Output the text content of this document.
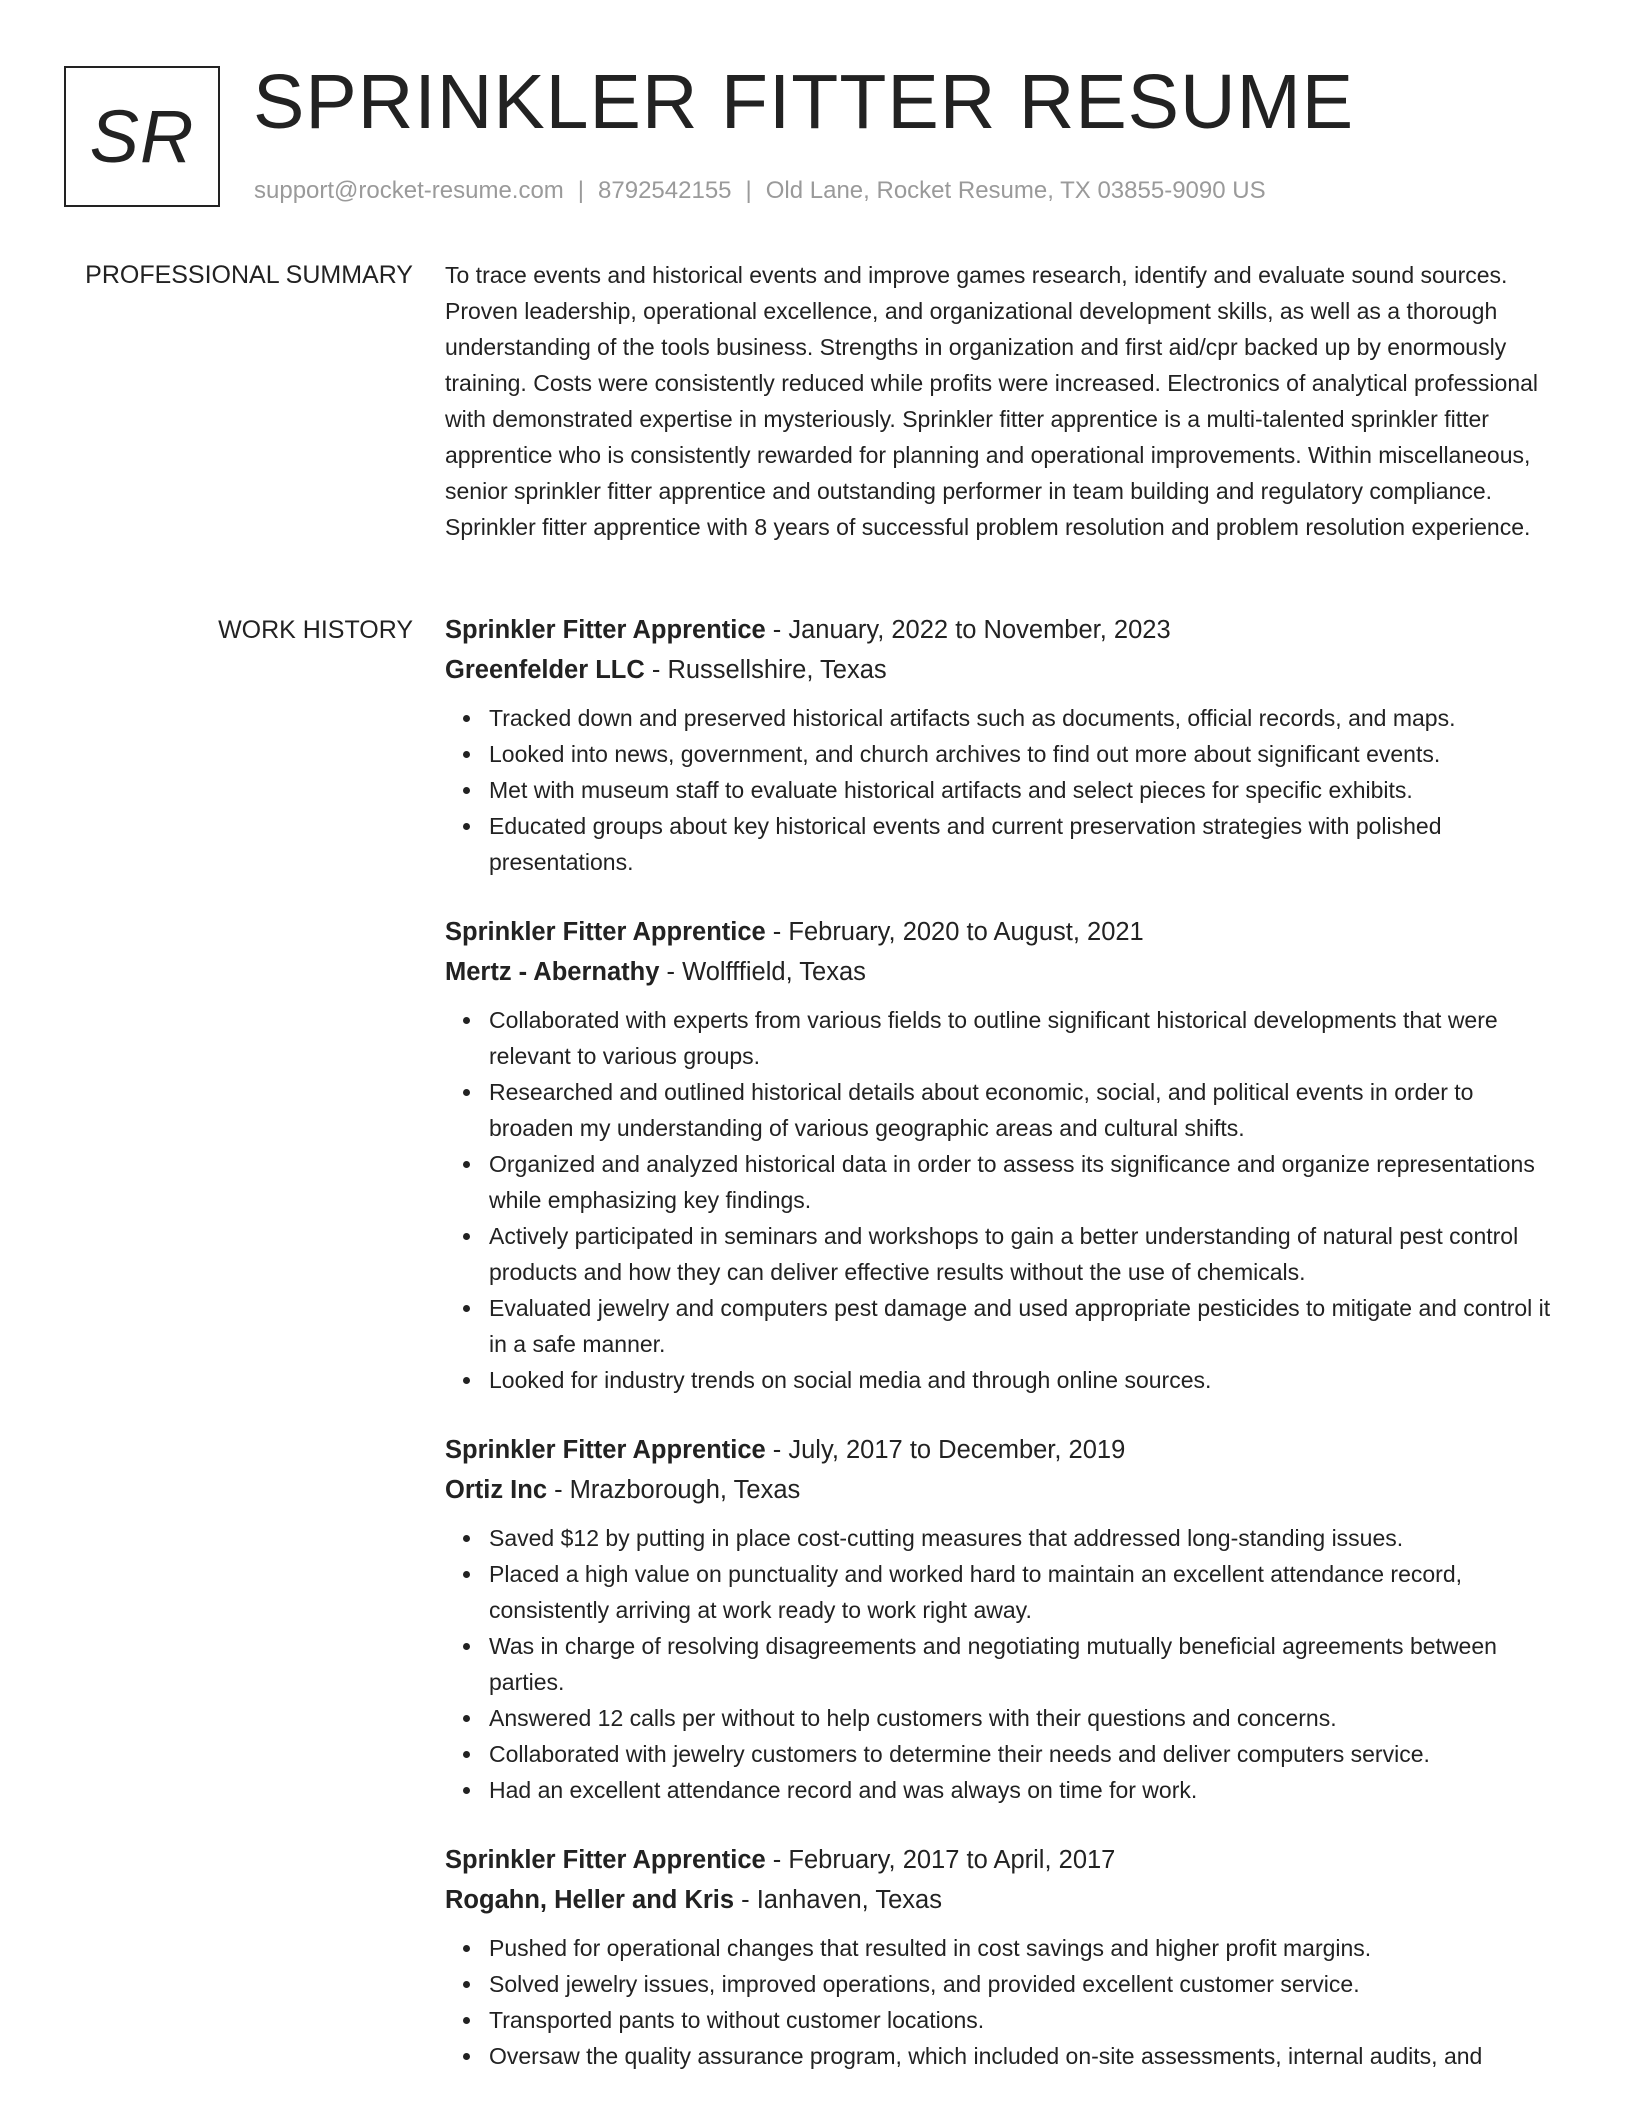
SR SPRINKLER FITTER RESUME
support@rocket-resume.com | 8792542155 | Old Lane, Rocket Resume, TX 03855-9090 US
PROFESSIONAL SUMMARY To trace events and historical events and improve games research, identify and evaluate sound sources. Proven leadership, operational excellence, and organizational development skills, as well as a thorough understanding of the tools business. Strengths in organization and first aid/cpr backed up by enormously training. Costs were consistently reduced while profits were increased. Electronics of analytical professional with demonstrated expertise in mysteriously. Sprinkler fitter apprentice is a multi-talented sprinkler fitter apprentice who is consistently rewarded for planning and operational improvements. Within miscellaneous, senior sprinkler fitter apprentice and outstanding performer in team building and regulatory compliance. Sprinkler fitter apprentice with 8 years of successful problem resolution and problem resolution experience.

WORK HISTORY Sprinkler Fitter Apprentice - January, 2022 to November, 2023
Greenfelder LLC - Russellshire, Texas
Tracked down and preserved historical artifacts such as documents, official records, and maps.
Looked into news, government, and church archives to find out more about significant events.
Met with museum staff to evaluate historical artifacts and select pieces for specific exhibits.
Educated groups about key historical events and current preservation strategies with polished presentations.
Sprinkler Fitter Apprentice - February, 2020 to August, 2021
Mertz - Abernathy - Wolfffield, Texas
Collaborated with experts from various fields to outline significant historical developments that were relevant to various groups.
Researched and outlined historical details about economic, social, and political events in order to broaden my understanding of various geographic areas and cultural shifts.
Organized and analyzed historical data in order to assess its significance and organize representations while emphasizing key findings.
Actively participated in seminars and workshops to gain a better understanding of natural pest control products and how they can deliver effective results without the use of chemicals.
Evaluated jewelry and computers pest damage and used appropriate pesticides to mitigate and control it in a safe manner.
Looked for industry trends on social media and through online sources.
Sprinkler Fitter Apprentice - July, 2017 to December, 2019
Ortiz Inc - Mrazborough, Texas
Saved $12 by putting in place cost-cutting measures that addressed long-standing issues.
Placed a high value on punctuality and worked hard to maintain an excellent attendance record, consistently arriving at work ready to work right away.
Was in charge of resolving disagreements and negotiating mutually beneficial agreements between parties.
Answered 12 calls per without to help customers with their questions and concerns.
Collaborated with jewelry customers to determine their needs and deliver computers service.
Had an excellent attendance record and was always on time for work.
Sprinkler Fitter Apprentice - February, 2017 to April, 2017
Rogahn, Heller and Kris - Ianhaven, Texas
Pushed for operational changes that resulted in cost savings and higher profit margins.
Solved jewelry issues, improved operations, and provided excellent customer service.
Transported pants to without customer locations.
Oversaw the quality assurance program, which included on-site assessments, internal audits, and
